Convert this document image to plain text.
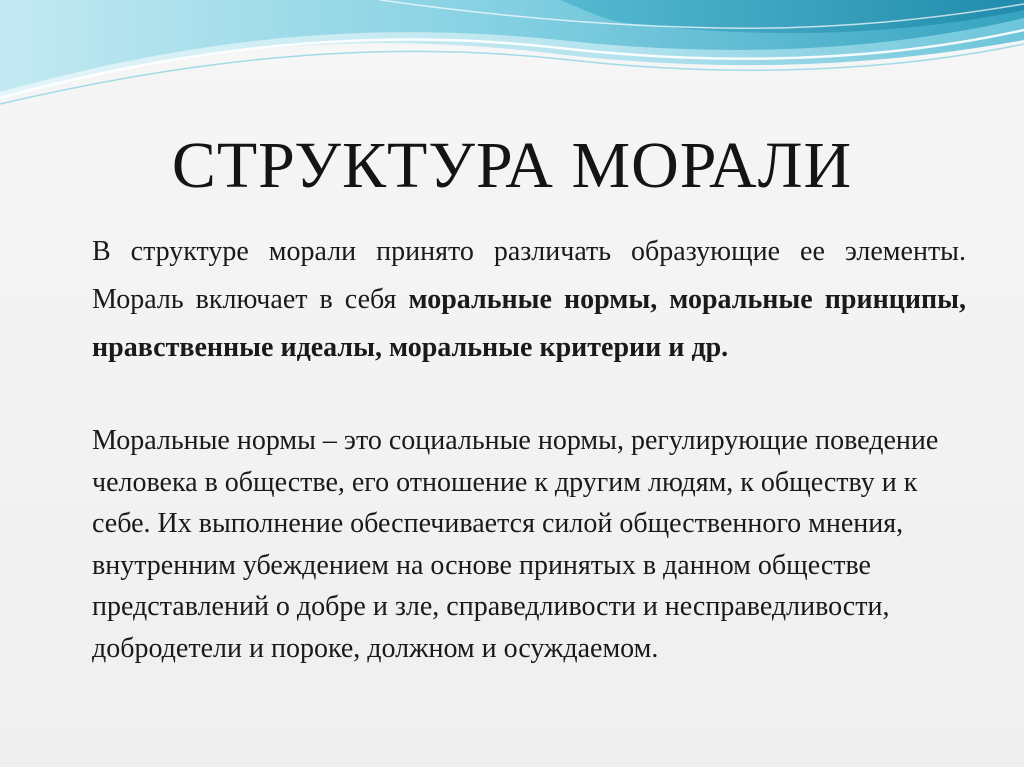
СТРУКТУРА МОРАЛИ

В структуре морали принято различать образующие ее элементы. Мораль включает в себя моральные нормы, моральные принципы, нравственные идеалы, моральные критерии и др.

Моральные нормы – это социальные нормы, регулирующие поведение человека в обществе, его отношение к другим людям, к обществу и к себе. Их выполнение обеспечивается силой общественного мнения, внутренним убеждением на основе принятых в данном обществе представлений о добре и зле, справедливости и несправедливости, добродетели и пороке, должном и осуждаемом.
